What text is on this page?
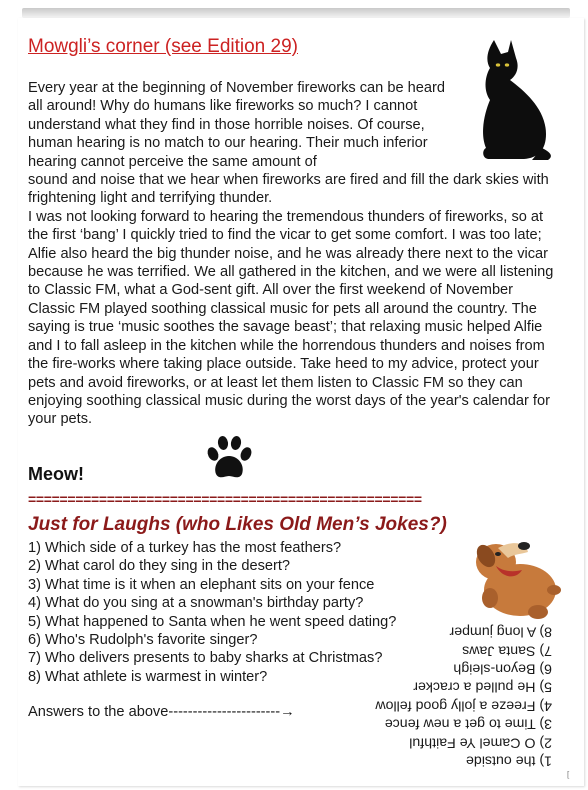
Mowgli’s corner (see Edition 29)

Every year at the beginning of November fireworks can be heard all around! Why do humans like fireworks so much? I cannot understand what they find in those horrible noises. Of course, human hearing is no match to our hearing. Their much inferior hearing cannot perceive the same amount of

sound and noise that we hear when fireworks are fired and fill the dark skies with frightening light and terrifying thunder.

I was not looking forward to hearing the tremendous thunders of fireworks, so at the first ‘bang’ I quickly tried to find the vicar to get some comfort. I was too late; Alfie also heard the big thunder noise, and he was already there next to the vicar because he was terrified. We all gathered in the kitchen, and we were all listening to Classic FM, what a God-sent gift. All over the first weekend of November Classic FM played soothing classical music for pets all around the country. The saying is true ‘music soothes the savage beast’; that relaxing music helped Alfie and I to fall asleep in the kitchen while the horrendous thunders and noises from the fire-works where taking place outside. Take heed to my advice, protect your pets and avoid fireworks, or at least let them listen to Classic FM so they can enjoying soothing classical music during the worst days of the year's calendar for your pets.

Meow!
==================================================
Just for Laughs (who Likes Old Men’s Jokes?)
1) Which side of a turkey has the most feathers?
2) What carol do they sing in the desert?
3) What time is it when an elephant sits on your fence
4) What do you sing at a snowman's birthday party?
5) What happened to Santa when he went speed dating?
6) Who's Rudolph's favorite singer?
7) Who delivers presents to baby sharks at Christmas?
8) What athlete is warmest in winter?
Answers to the above-----------------------→
1) the outside
2) O Camel Ye Faithful
3) Time to get a new fence
4) Freeze a jolly good fellow
5) He pulled a cracker
6) Beyon-sleigh
7) Santa Jaws
8) A long jumper
[
